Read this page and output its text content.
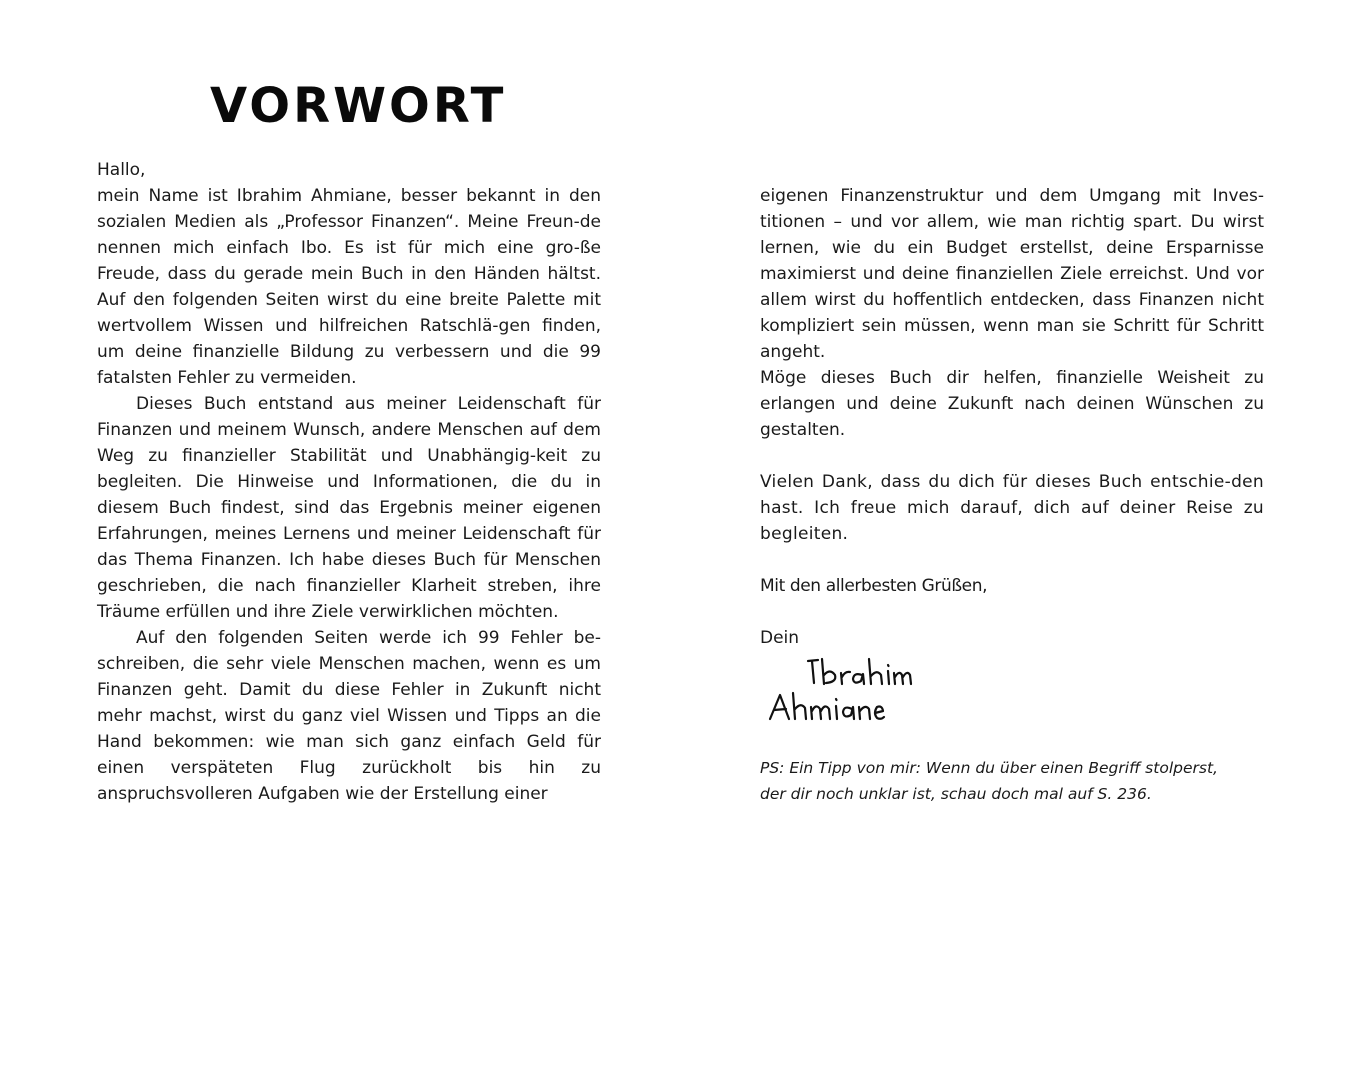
VORWORT

Hallo,

mein Name ist Ibrahim Ahmiane, besser bekannt in den sozialen Medien als „Professor Finanzen“. Meine Freun-de nennen mich einfach Ibo. Es ist für mich eine gro-ße Freude, dass du gerade mein Buch in den Händen hältst. Auf den folgenden Seiten wirst du eine breite Palette mit wertvollem Wissen und hilfreichen Ratschlä-gen finden, um deine finanzielle Bildung zu verbessern und die 99 fatalsten Fehler zu vermeiden.

Dieses Buch entstand aus meiner Leidenschaft für Finanzen und meinem Wunsch, andere Menschen auf dem Weg zu finanzieller Stabilität und Unabhängig-keit zu begleiten. Die Hinweise und Informationen, die du in diesem Buch findest, sind das Ergebnis meiner eigenen Erfahrungen, meines Lernens und meiner Leidenschaft für das Thema Finanzen. Ich habe dieses Buch für Menschen geschrieben, die nach finanzieller Klarheit streben, ihre Träume erfüllen und ihre Ziele verwirklichen möchten.

Auf den folgenden Seiten werde ich 99 Fehler be-schreiben, die sehr viele Menschen machen, wenn es um Finanzen geht. Damit du diese Fehler in Zukunft nicht mehr machst, wirst du ganz viel Wissen und Tipps an die Hand bekommen: wie man sich ganz einfach Geld für einen verspäteten Flug zurückholt bis hin zu anspruchsvolleren Aufgaben wie der Erstellung einer

eigenen Finanzenstruktur und dem Umgang mit Inves-titionen – und vor allem, wie man richtig spart. Du wirst lernen, wie du ein Budget erstellst, deine Ersparnisse maximierst und deine finanziellen Ziele erreichst. Und vor allem wirst du hoffentlich entdecken, dass Finanzen nicht kompliziert sein müssen, wenn man sie Schritt für Schritt angeht.

Möge dieses Buch dir helfen, finanzielle Weisheit zu erlangen und deine Zukunft nach deinen Wünschen zu gestalten.

Vielen Dank, dass du dich für dieses Buch entschie-den hast. Ich freue mich darauf, dich auf deiner Reise zu begleiten.

Mit den allerbesten Grüßen,

Dein

PS: Ein Tipp von mir: Wenn du über einen Begriff stolperst,

der dir noch unklar ist, schau doch mal auf S. 236.
